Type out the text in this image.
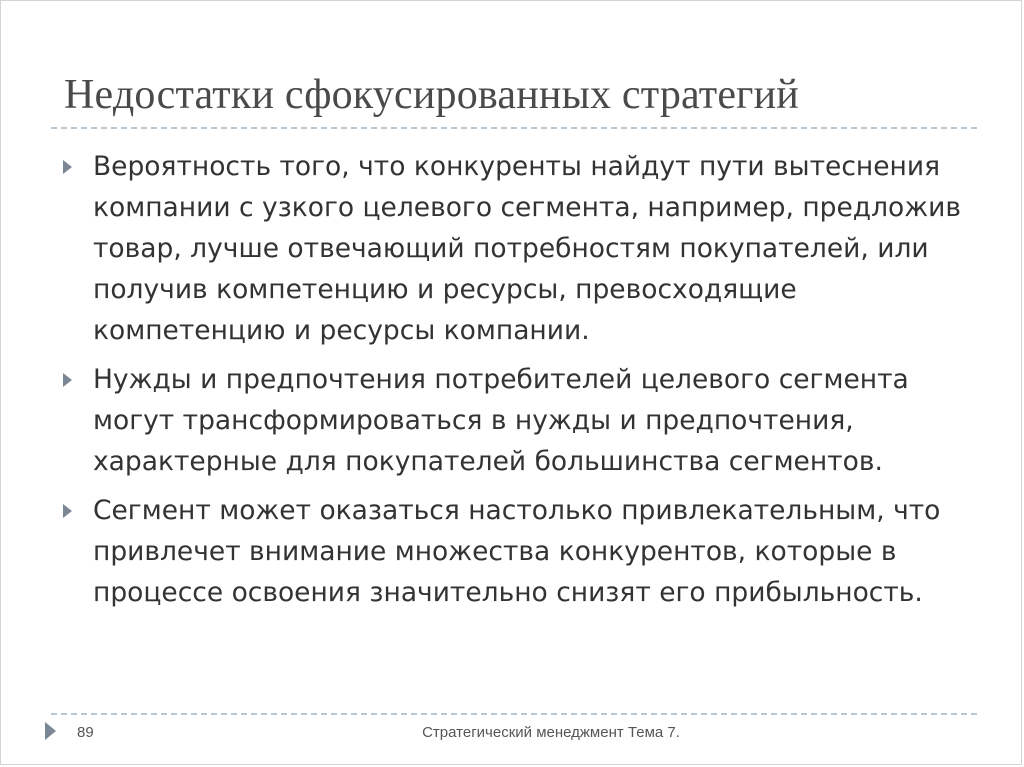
Недостатки сфокусированных стратегий
Вероятность того, что конкуренты найдут пути вытеснения компании с узкого целевого сегмента, например, предложив товар, лучше отвечающий потребностям покупателей, или получив компетенцию и ресурсы, превосходящие компетенцию и ресурсы компании.
Нужды и предпочтения потребителей целевого сегмента могут трансформироваться в нужды и предпочтения, характерные для покупателей большинства сегментов.
Сегмент может оказаться настолько привлекательным, что привлечет внимание множества конкурентов, которые в процессе освоения значительно снизят его прибыльность.
89	Стратегический менеджмент Тема 7.
